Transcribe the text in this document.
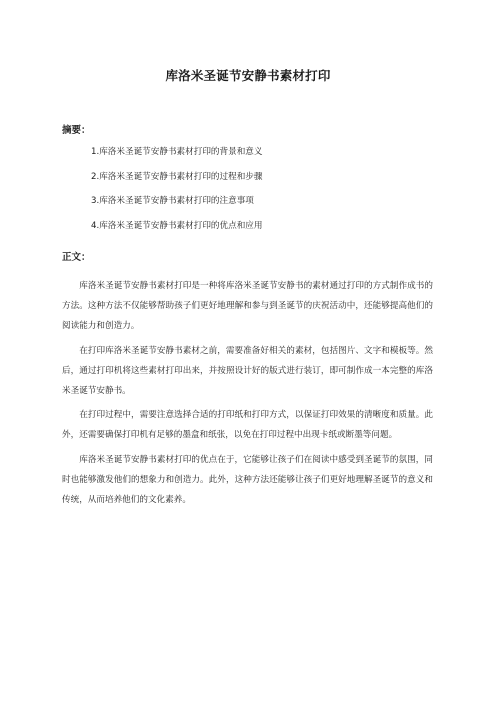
库洛米圣诞节安静书素材打印
摘要：
1.库洛米圣诞节安静书素材打印的背景和意义
2.库洛米圣诞节安静书素材打印的过程和步骤
3.库洛米圣诞节安静书素材打印的注意事项
4.库洛米圣诞节安静书素材打印的优点和应用
正文：

库洛米圣诞节安静书素材打印是一种将库洛米圣诞节安静书的素材通过打印的方式制作成书的方法。这种方法不仅能够帮助孩子们更好地理解和参与到圣诞节的庆祝活动中，还能够提高他们的阅读能力和创造力。

在打印库洛米圣诞节安静书素材之前，需要准备好相关的素材，包括图片、文字和模板等。然后，通过打印机将这些素材打印出来，并按照设计好的版式进行装订，即可制作成一本完整的库洛米圣诞节安静书。

在打印过程中，需要注意选择合适的打印纸和打印方式，以保证打印效果的清晰度和质量。此外，还需要确保打印机有足够的墨盒和纸张，以免在打印过程中出现卡纸或断墨等问题。

库洛米圣诞节安静书素材打印的优点在于，它能够让孩子们在阅读中感受到圣诞节的氛围，同时也能够激发他们的想象力和创造力。此外，这种方法还能够让孩子们更好地理解圣诞节的意义和传统，从而培养他们的文化素养。
